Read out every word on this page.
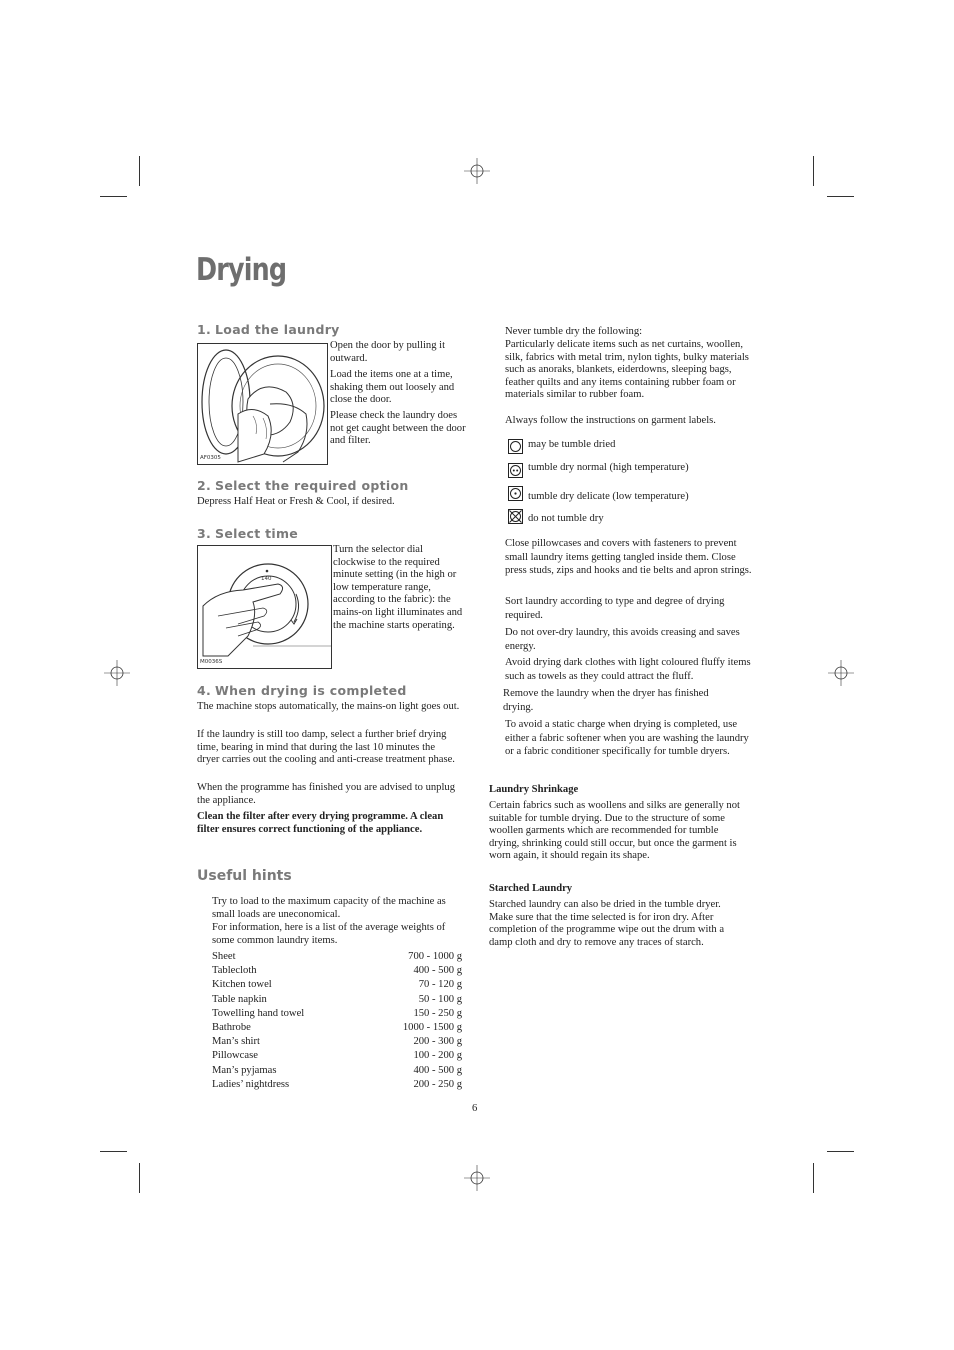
Drying
1. Load the laundry
AF0305
Open the door by pulling it outward.
Load the items one at a time, shaking them out loosely and close the door.
Please check the laundry does not get caught between the door and filter.
2. Select the required option
Depress Half Heat or Fresh & Cool, if desired.
3. Select time
140
M0036S
Turn the selector dial clockwise to the required minute setting (in the high or low temperature range, according to the fabric): the mains-on light illuminates and the machine starts operating.
4. When drying is completed
The machine stops automatically, the mains-on light goes out.
If the laundry is still too damp, select a further brief drying time, bearing in mind that during the last 10 minutes the dryer carries out the cooling and anti-crease treatment phase.
When the programme has finished you are advised to unplug the appliance.
Clean the filter after every drying programme. A clean filter ensures correct functioning of the appliance.
Useful hints
Try to load to the maximum capacity of the machine as small loads are uneconomical.
For information, here is a list of the average weights of some common laundry items.
Sheet	700 - 1000 g
Tablecloth	400 - 500 g
Kitchen towel	70 - 120 g
Table napkin	50 - 100 g
Towelling hand towel	150 - 250 g
Bathrobe	1000 - 1500 g
Man’s shirt	200 - 300 g
Pillowcase	100 - 200 g
Man’s pyjamas	400 - 500 g
Ladies’ nightdress	200 - 250 g
Never tumble dry the following:
Particularly delicate items such as net curtains, woollen, silk, fabrics with metal trim, nylon tights, bulky materials such as anoraks, blankets, eiderdowns, sleeping bags, feather quilts and any items containing rubber foam or materials similar to rubber foam.
Always follow the instructions on garment labels.
may be tumble dried
tumble dry normal (high temperature)
tumble dry delicate (low temperature)
do not tumble dry
Close pillowcases and covers with fasteners to prevent small laundry items getting tangled inside them. Close press studs, zips and hooks and tie belts and apron strings.
Sort laundry according to type and degree of drying required.
Do not over-dry laundry, this avoids creasing and saves energy.
Avoid drying dark clothes with light coloured fluffy items such as towels as they could attract the fluff.
Remove the laundry when the dryer has finished drying.
To avoid a static charge when drying is completed, use either a fabric softener when you are washing the laundry or a fabric conditioner specifically for tumble dryers.
Laundry Shrinkage
Certain fabrics such as woollens and silks are generally not suitable for tumble drying. Due to the structure of some woollen garments which are recommended for tumble drying, shrinking could still occur, but once the garment is worn again, it should regain its shape.
Starched Laundry
Starched laundry can also be dried in the tumble dryer. Make sure that the time selected is for iron dry. After completion of the programme wipe out the drum with a damp cloth and dry to remove any traces of starch.
6
